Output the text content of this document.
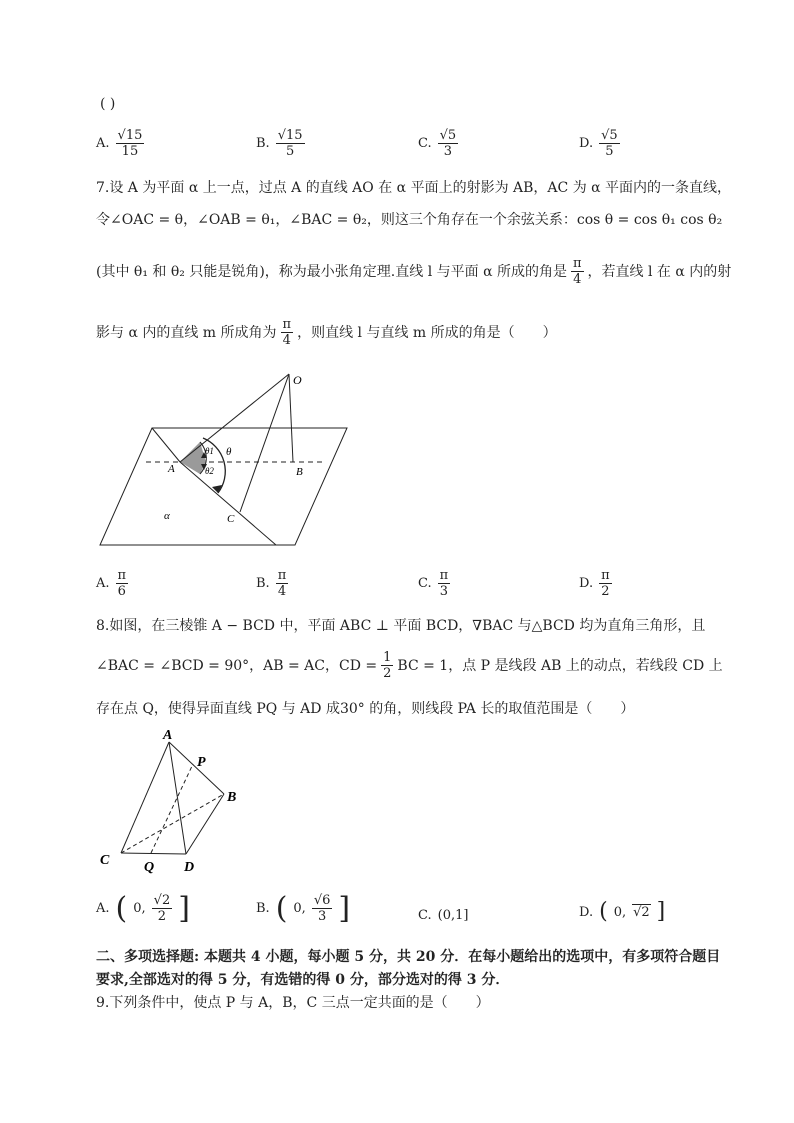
( )
A. $\frac{√15}{15}$	B. $\frac{√15}{5}$	C. $\frac{√5}{3}$	D. $\frac{√5}{5}$
7.设 A 为平面 α 上一点，过点 A 的直线 AO 在 α 平面上的射影为 AB，AC 为 α 平面内的一条直线，
令∠OAC = θ，∠OAB = θ₁，∠BAC = θ₂，则这三个角存在一个余弦关系：cos θ = cos θ₁ cos θ₂
(其中 θ₁ 和 θ₂ 只能是锐角)，称为最小张角定理.直线 l 与平面 α 所成的角是 $\frac{\pi}{4}$ ，若直线 l 在 α 内的射
影与 α 内的直线 m 所成角为 $\frac{\pi}{4}$ ，则直线 l 与直线 m 所成的角是（　　）
O
A	B
C
α
θ
θ1
θ2
A. $\frac{\pi}{6}$	B. $\frac{\pi}{4}$	C. $\frac{\pi}{3}$	D. $\frac{\pi}{2}$
8.如图，在三棱锥 A − BCD 中，平面 ABC ⊥ 平面 BCD，∇BAC 与△BCD 均为直角三角形，且
∠BAC = ∠BCD = 90°，AB = AC，CD = $\frac{1}{2}$ BC = 1，点 P 是线段 AB 上的动点，若线段 CD 上
存在点 Q，使得异面直线 PQ 与 AD 成30° 的角，则线段 PA 长的取值范围是（　　）
A
P
B
C Q D
A. ( 0, $\frac{√2}{2}$ ]	B. ( 0, $\frac{√6}{3}$ ]	C. (0,1]	D. ( 0, √2 ]
二、多项选择题: 本题共 4 小题，每小题 5 分，共 20 分．在每小题给出的选项中，有多项符合题目
要求,全部选对的得 5 分，有选错的得 0 分，部分选对的得 3 分．
9.下列条件中，使点 P 与 A，B，C 三点一定共面的是（　　）
